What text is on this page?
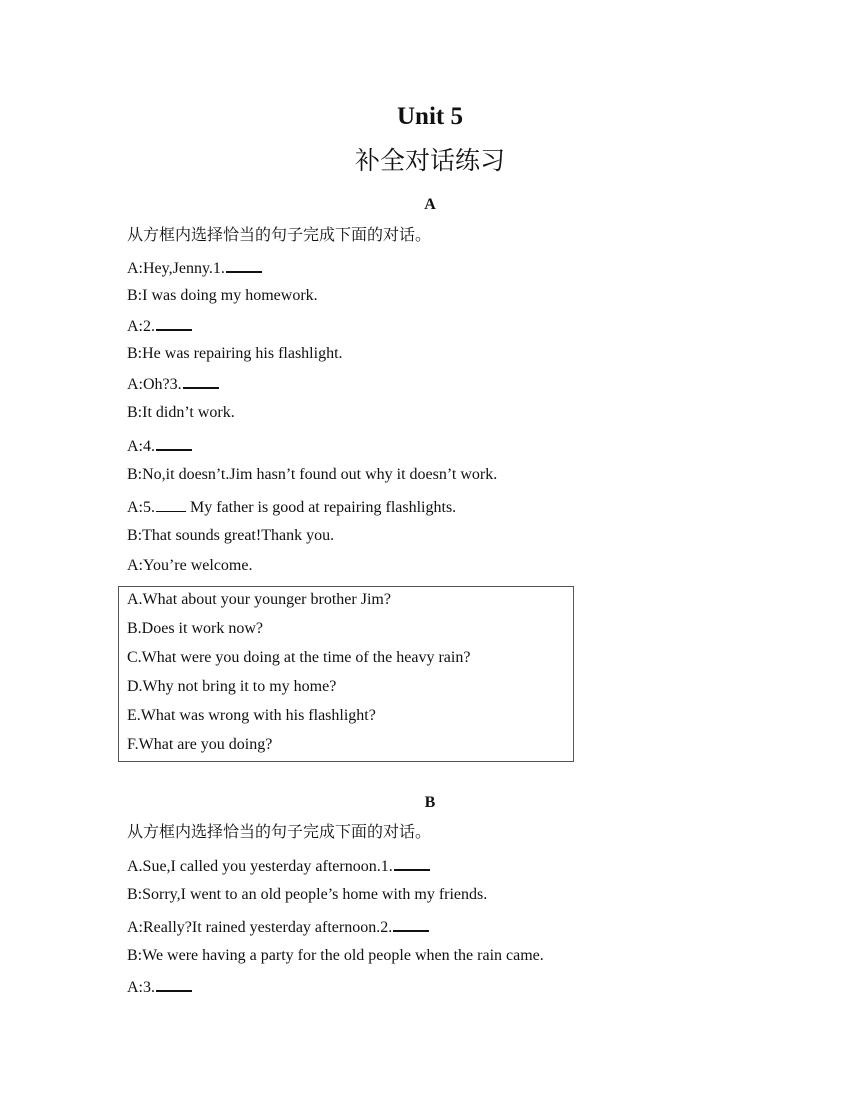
Unit 5
补全对话练习
A
从方框内选择恰当的句子完成下面的对话。
A:Hey,Jenny.1.
B:I was doing my homework.
A:2.
B:He was repairing his flashlight.
A:Oh?3.
B:It didn’t work.
A:4.
B:No,it doesn’t.Jim hasn’t found out why it doesn’t work.
A:5. My father is good at repairing flashlights.
B:That sounds great!Thank you.
A:You’re welcome.
A.What about your younger brother Jim?
B.Does it work now?
C.What were you doing at the time of the heavy rain?
D.Why not bring it to my home?
E.What was wrong with his flashlight?
F.What are you doing?
B
从方框内选择恰当的句子完成下面的对话。
A.Sue,I called you yesterday afternoon.1.
B:Sorry,I went to an old people’s home with my friends.
A:Really?It rained yesterday afternoon.2.
B:We were having a party for the old people when the rain came.
A:3.
